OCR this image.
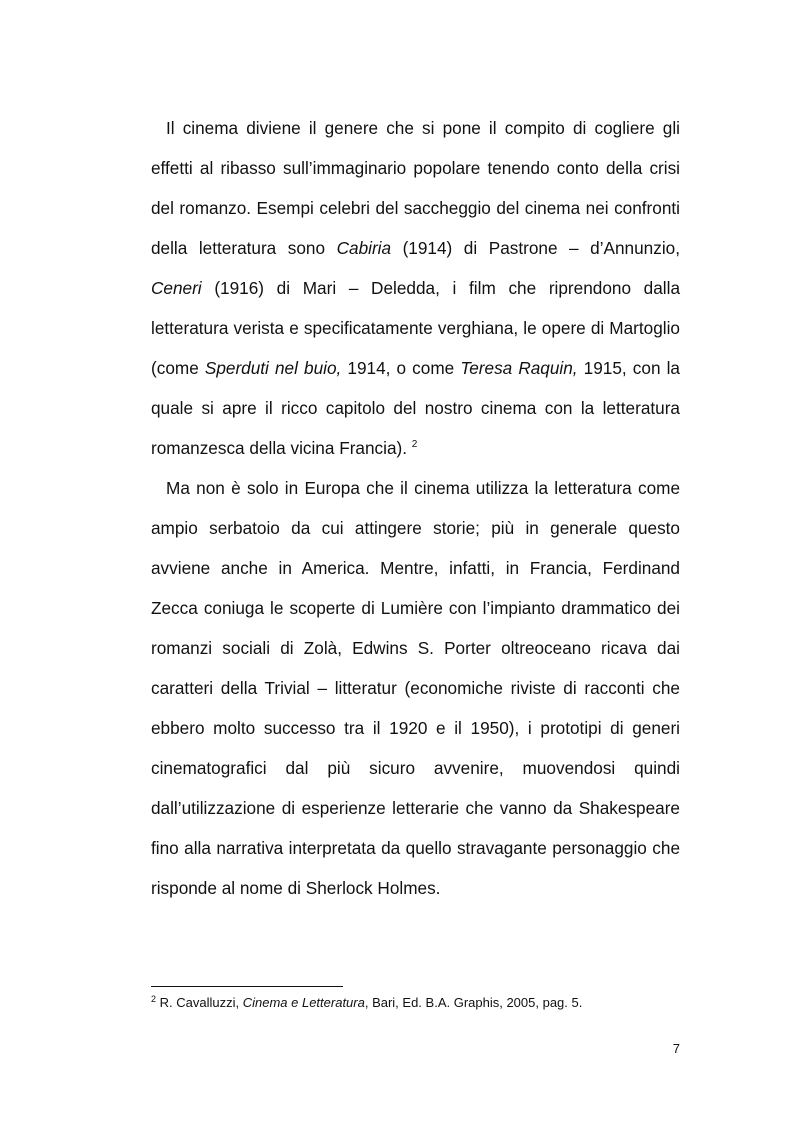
Il cinema diviene il genere che si pone il compito di cogliere gli effetti al ribasso sull’immaginario popolare tenendo conto della crisi del romanzo. Esempi celebri del saccheggio del cinema nei confronti della letteratura sono Cabiria (1914) di Pastrone – d’Annunzio, Ceneri (1916) di Mari – Deledda, i film che riprendono dalla letteratura verista e specificatamente verghiana, le opere di Martoglio (come Sperduti nel buio, 1914, o come Teresa Raquin, 1915, con la quale si apre il ricco capitolo del nostro cinema con la letteratura romanzesca della vicina Francia). $^2$

Ma non è solo in Europa che il cinema utilizza la letteratura come ampio serbatoio da cui attingere storie; più in generale questo avviene anche in America. Mentre, infatti, in Francia, Ferdinand Zecca coniuga le scoperte di Lumière con l’impianto drammatico dei romanzi sociali di Zolà, Edwins S. Porter oltreoceano ricava dai caratteri della Trivial – litteratur (economiche riviste di racconti che ebbero molto successo tra il 1920 e il 1950), i prototipi di generi cinematografici dal più sicuro avvenire, muovendosi quindi dall’utilizzazione di esperienze letterarie che vanno da Shakespeare fino alla narrativa interpretata da quello stravagante personaggio che risponde al nome di Sherlock Holmes.

$^2$ R. Cavalluzzi, Cinema e Letteratura, Bari, Ed. B.A. Graphis, 2005, pag. 5.

7
